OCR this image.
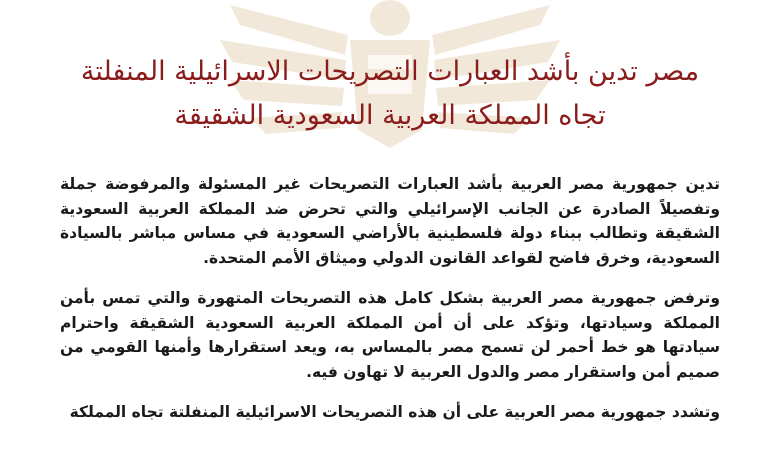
مصر تدين بأشد العبارات التصريحات الاسرائيلية المنفلتة
تجاه المملكة العربية السعودية الشقيقة

تدين جمهورية مصر العربية بأشد العبارات التصريحات غير المسئولة والمرفوضة جملة وتفصيلاً الصادرة عن الجانب الإسرائيلي والتي تحرض ضد المملكة العربية السعودية الشقيقة وتطالب ببناء دولة فلسطينية بالأراضي السعودية في مساس مباشر بالسيادة السعودية، وخرق فاضح لقواعد القانون الدولي وميثاق الأمم المتحدة.

وترفض جمهورية مصر العربية بشكل كامل هذه التصريحات المتهورة والتي تمس بأمن المملكة وسيادتها، وتؤكد على أن أمن المملكة العربية السعودية الشقيقة واحترام سيادتها هو خط أحمر لن تسمح مصر بالمساس به، ويعد استقرارها وأمنها القومي من صميم أمن واستقرار مصر والدول العربية لا تهاون فيه.

وتشدد جمهورية مصر العربية على أن هذه التصريحات الاسرائيلية المنفلتة تجاه المملكة
